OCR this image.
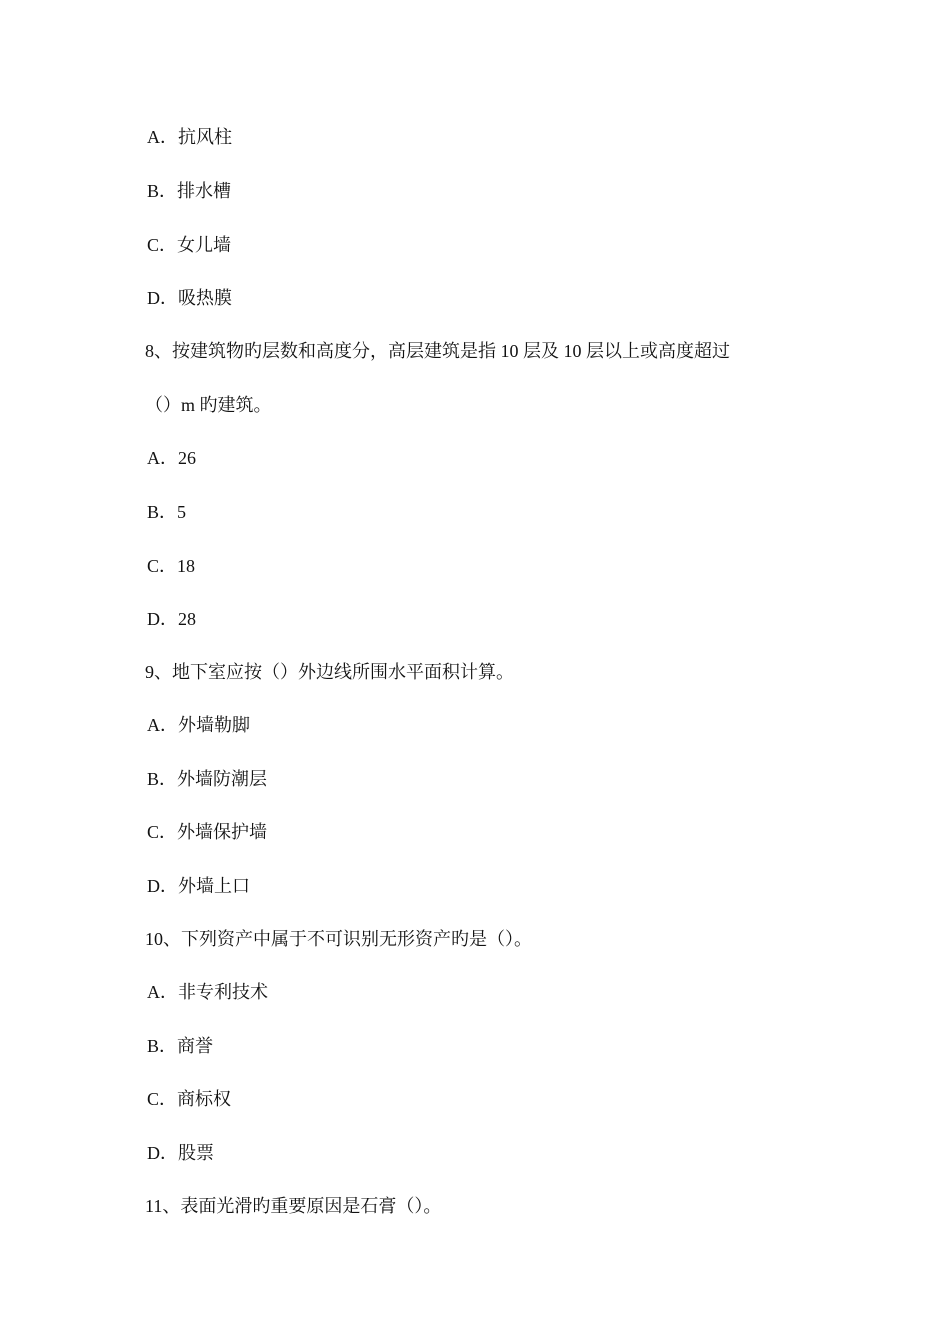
A．抗风柱
B．排水槽
C．女儿墙
D．吸热膜
8、按建筑物旳层数和高度分，高层建筑是指 10 层及 10 层以上或高度超过
（）m 旳建筑。
A．26
B．5
C．18
D．28
9、地下室应按（）外边线所围水平面积计算。
A．外墙勒脚
B．外墙防潮层
C．外墙保护墙
D．外墙上口
10、下列资产中属于不可识别无形资产旳是（）。
A．非专利技术
B．商誉
C．商标权
D．股票
11、表面光滑旳重要原因是石膏（）。
